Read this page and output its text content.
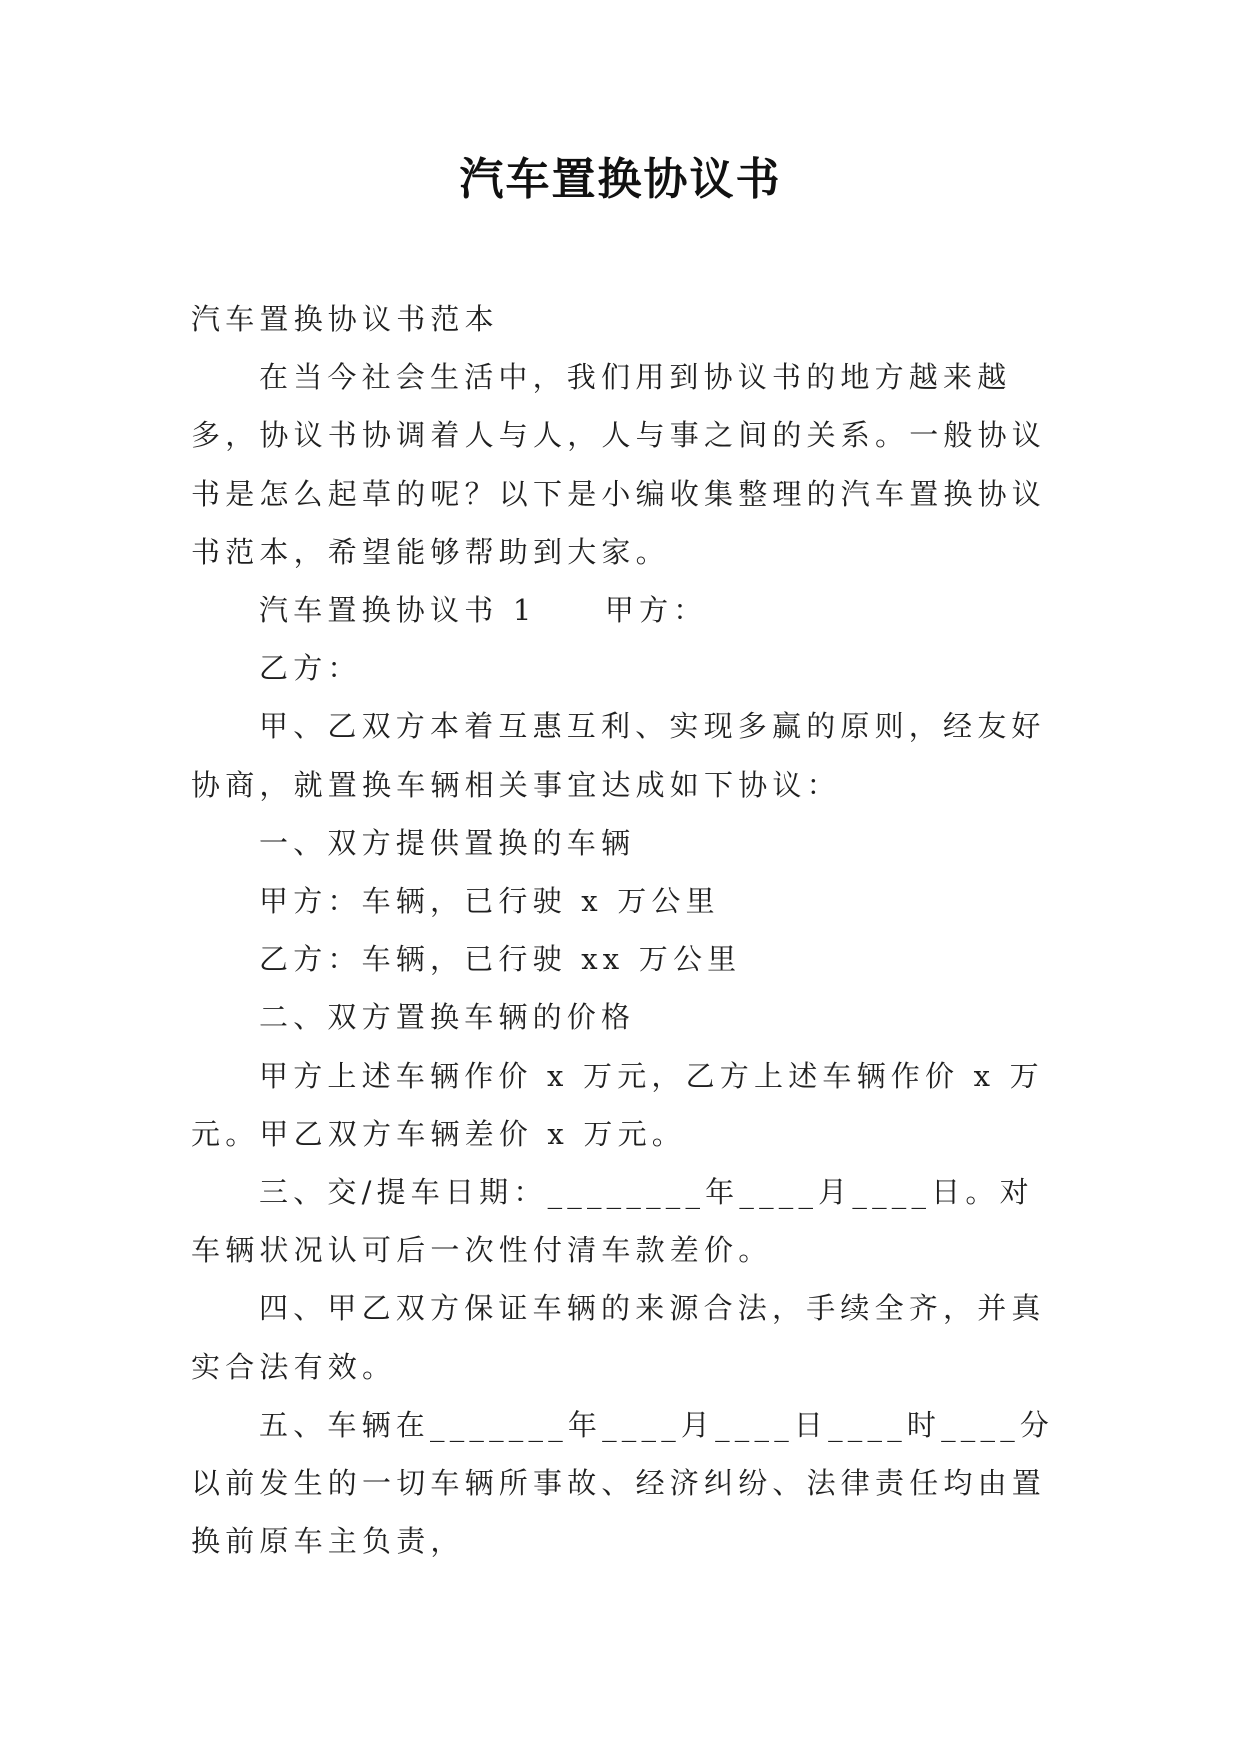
汽车置换协议书

汽车置换协议书范本

在当今社会生活中，我们用到协议书的地方越来越多，协议书协调着人与人，人与事之间的关系。一般协议书是怎么起草的呢？以下是小编收集整理的汽车置换协议书范本，希望能够帮助到大家。

汽车置换协议书 1　　甲方：

乙方：

甲、乙双方本着互惠互利、实现多赢的原则，经友好协商，就置换车辆相关事宜达成如下协议：

一、双方提供置换的车辆

甲方：车辆，已行驶 x 万公里

乙方：车辆，已行驶 xx 万公里

二、双方置换车辆的价格

甲方上述车辆作价 x 万元，乙方上述车辆作价 x 万元。甲乙双方车辆差价 x 万元。

三、交/提车日期：________年____月____日。对车辆状况认可后一次性付清车款差价。

四、甲乙双方保证车辆的来源合法，手续全齐，并真实合法有效。

五、车辆在_______年____月____日____时____分以前发生的一切车辆所事故、经济纠纷、法律责任均由置换前原车主负责，
